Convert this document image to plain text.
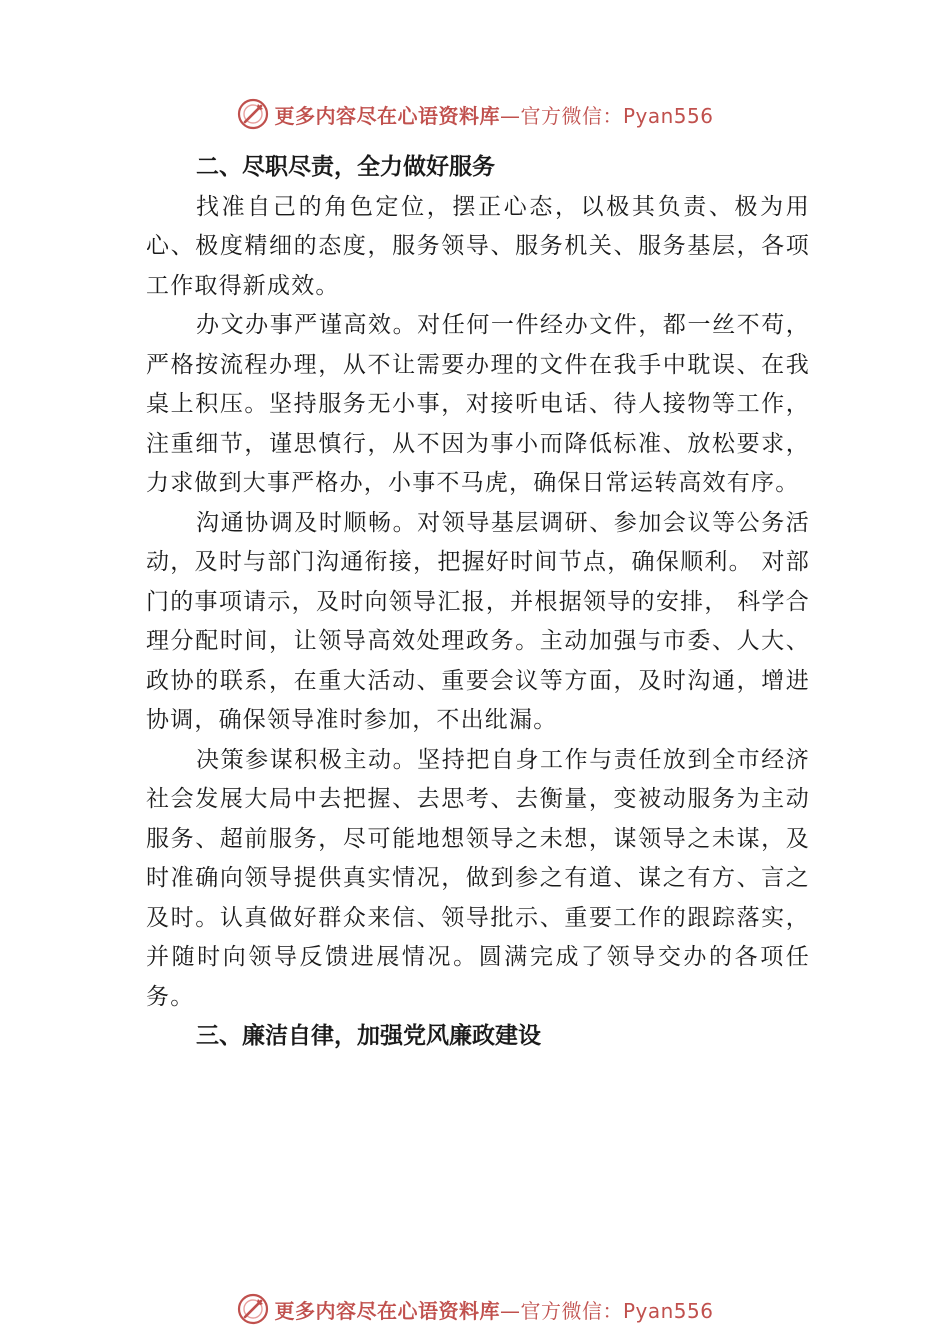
更多内容尽在心语资料库 —官方微信：Pyan556

二、尽职尽责，全力做好服务

找准自己的角色定位，摆正心态，以极其负责、极为用心、极度精细的态度，服务领导、服务机关、服务基层，各项工作取得新成效。

办文办事严谨高效。对任何一件经办文件，都一丝不苟，严格按流程办理，从不让需要办理的文件在我手中耽误、在我桌上积压。坚持服务无小事，对接听电话、待人接物等工作，注重细节，谨思慎行，从不因为事小而降低标准、放松要求，力求做到大事严格办，小事不马虎，确保日常运转高效有序。

沟通协调及时顺畅。对领导基层调研、参加会议等公务活动，及时与部门沟通衔接，把握好时间节点，确保顺利。 对部门的事项请示，及时向领导汇报，并根据领导的安排， 科学合理分配时间，让领导高效处理政务。主动加强与市委、人大、政协的联系，在重大活动、重要会议等方面，及时沟通，增进协调，确保领导准时参加，不出纰漏。

决策参谋积极主动。坚持把自身工作与责任放到全市经济社会发展大局中去把握、去思考、去衡量，变被动服务为主动服务、超前服务，尽可能地想领导之未想，谋领导之未谋，及时准确向领导提供真实情况，做到参之有道、谋之有方、言之及时。认真做好群众来信、领导批示、重要工作的跟踪落实，并随时向领导反馈进展情况。圆满完成了领导交办的各项任务。

三、廉洁自律，加强党风廉政建设

更多内容尽在心语资料库 —官方微信：Pyan556
